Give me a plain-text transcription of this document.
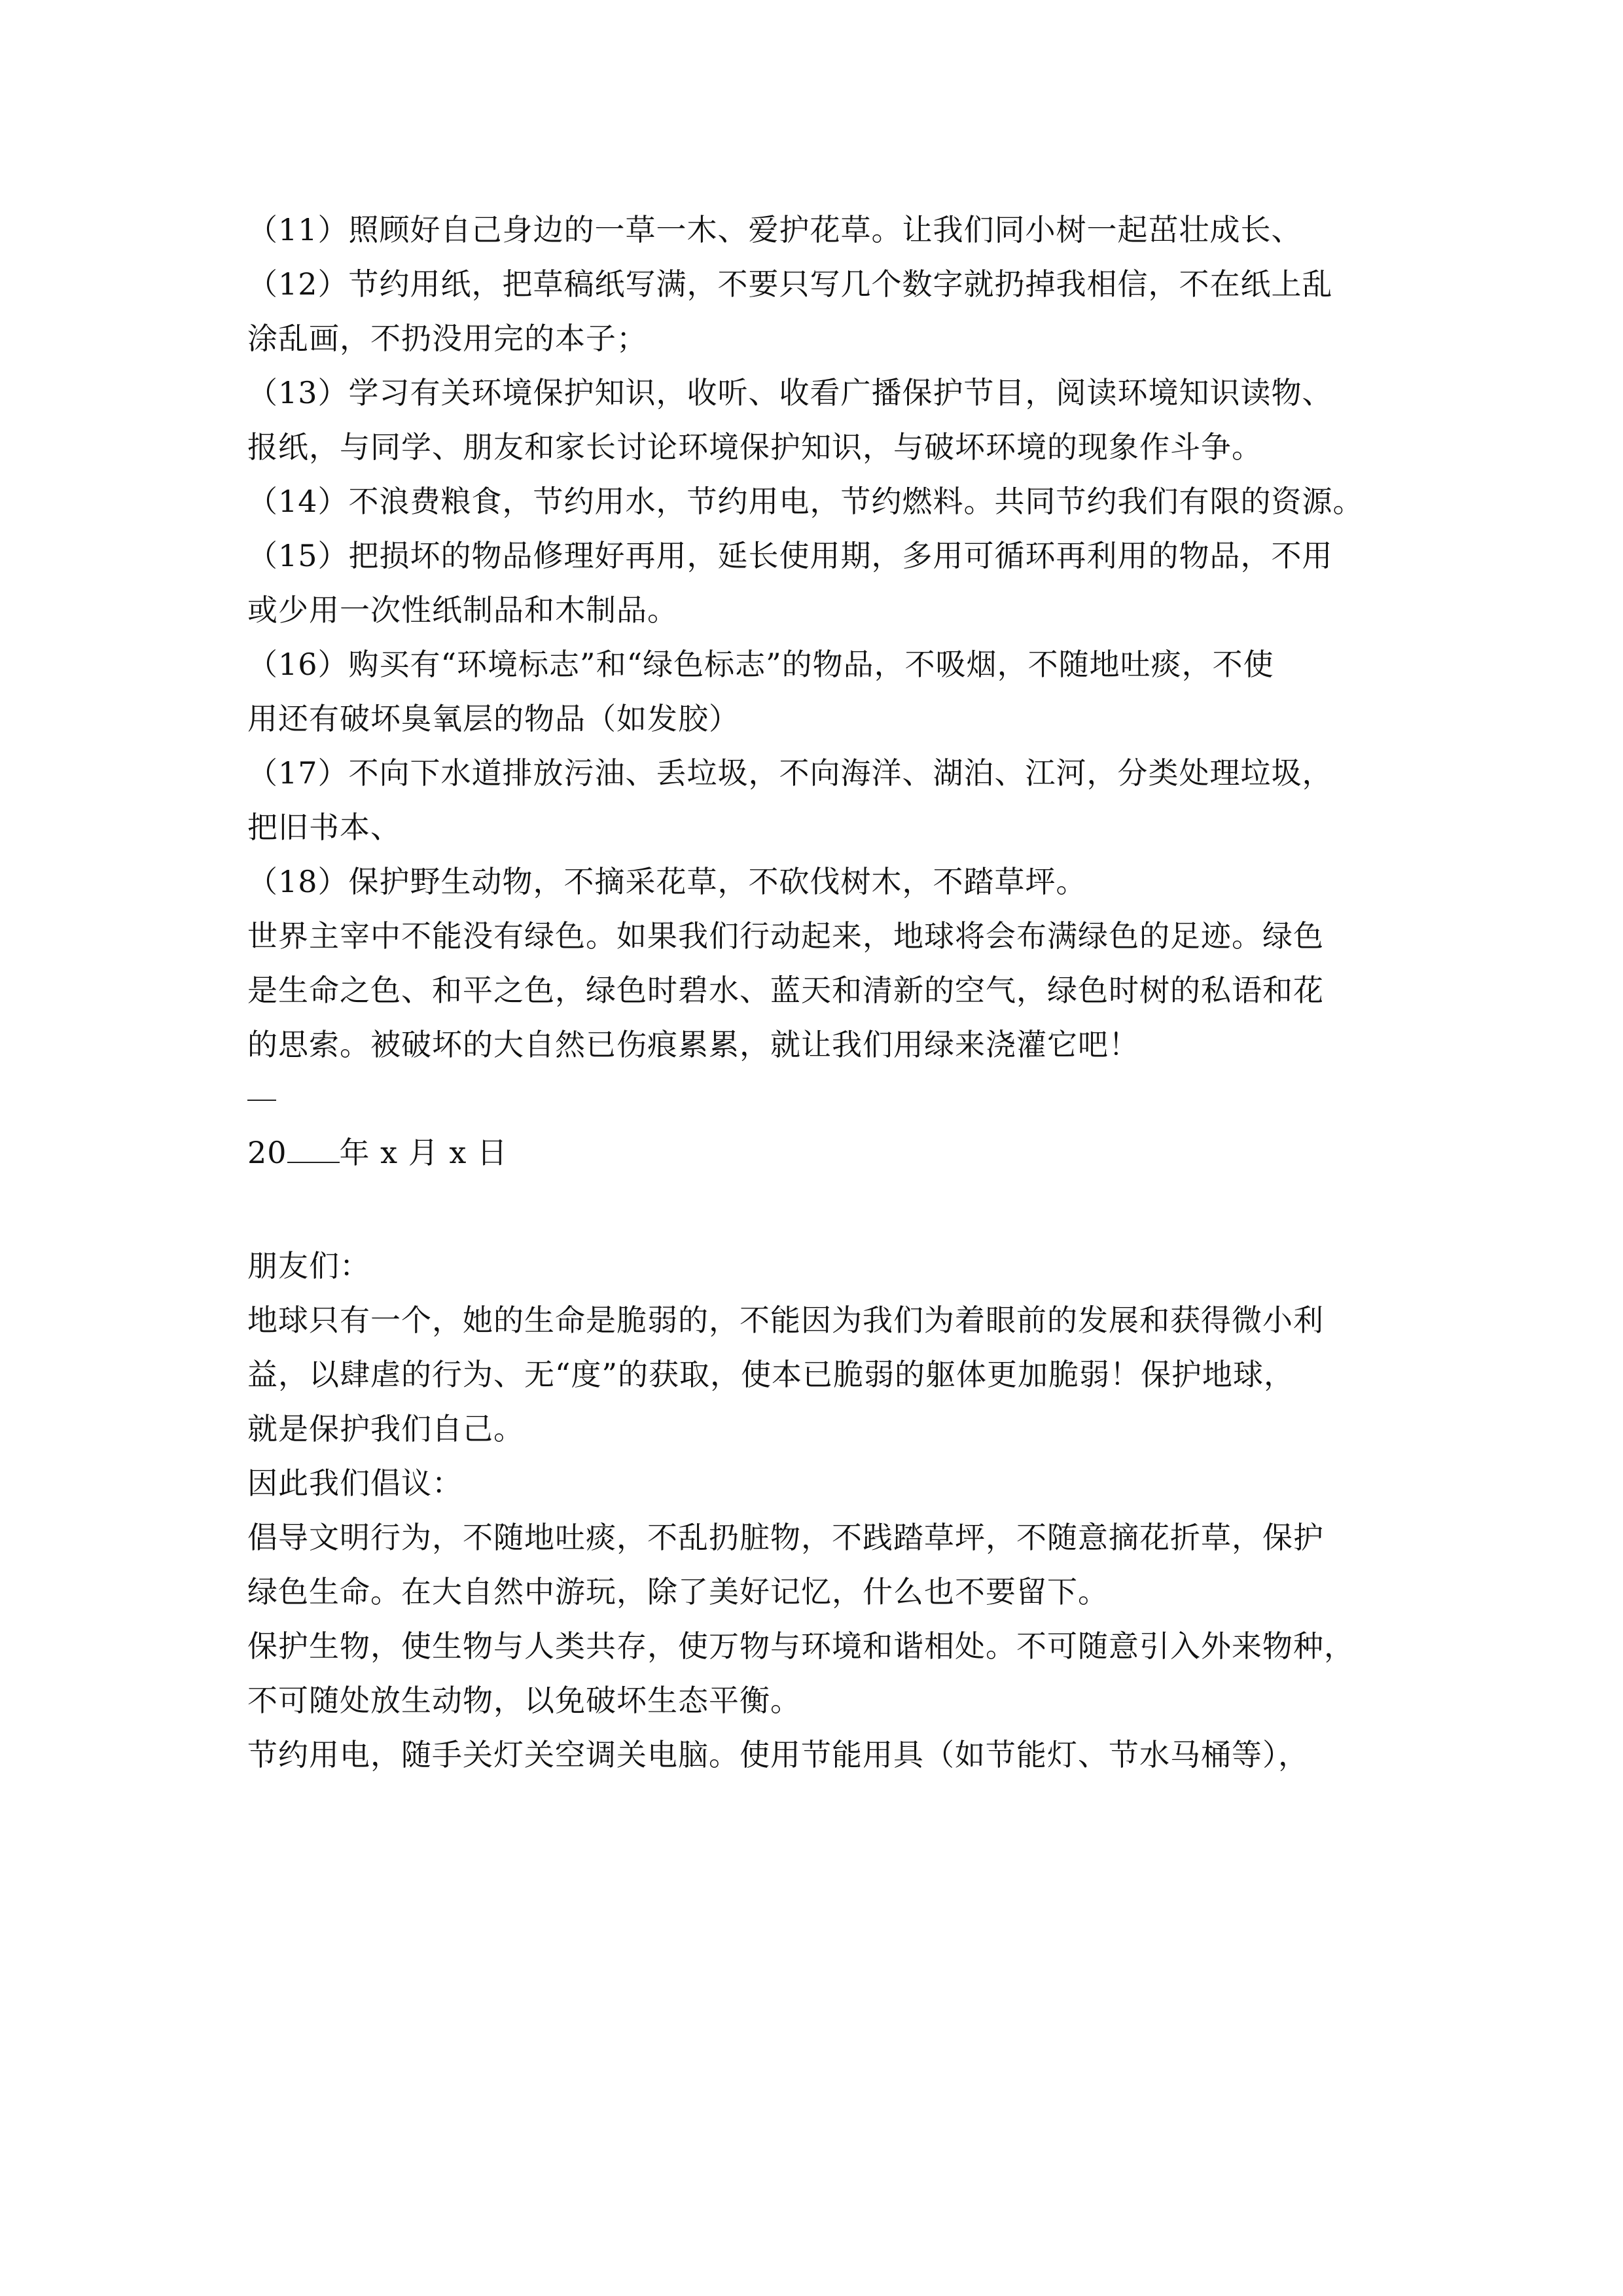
（11）照顾好自己身边的一草一木、爱护花草。让我们同小树一起茁壮成长、
（12）节约用纸，把草稿纸写满，不要只写几个数字就扔掉我相信，不在纸上乱
涂乱画，不扔没用完的本子；
（13）学习有关环境保护知识，收听、收看广播保护节目，阅读环境知识读物、
报纸，与同学、朋友和家长讨论环境保护知识，与破坏环境的现象作斗争。
（14）不浪费粮食，节约用水，节约用电，节约燃料。共同节约我们有限的资源。
（15）把损坏的物品修理好再用，延长使用期，多用可循环再利用的物品，不用
或少用一次性纸制品和木制品。
（16）购买有“环境标志”和“绿色标志”的物品，不吸烟，不随地吐痰，不使
用还有破坏臭氧层的物品（如发胶）
（17）不向下水道排放污油、丢垃圾，不向海洋、湖泊、江河，分类处理垃圾，
把旧书本、
（18）保护野生动物，不摘采花草，不砍伐树木，不踏草坪。
世界主宰中不能没有绿色。如果我们行动起来，地球将会布满绿色的足迹。绿色
是生命之色、和平之色，绿色时碧水、蓝天和清新的空气，绿色时树的私语和花
的思索。被破坏的大自然已伤痕累累，就让我们用绿来浇灌它吧！
20 年 x 月 x 日
朋友们：
地球只有一个，她的生命是脆弱的，不能因为我们为着眼前的发展和获得微小利
益，以肆虐的行为、无“度”的获取，使本已脆弱的躯体更加脆弱！保护地球，
就是保护我们自己。
因此我们倡议：
倡导文明行为，不随地吐痰，不乱扔脏物，不践踏草坪，不随意摘花折草，保护
绿色生命。在大自然中游玩，除了美好记忆，什么也不要留下。
保护生物，使生物与人类共存，使万物与环境和谐相处。不可随意引入外来物种，
不可随处放生动物，以免破坏生态平衡。
节约用电，随手关灯关空调关电脑。使用节能用具（如节能灯、节水马桶等），
